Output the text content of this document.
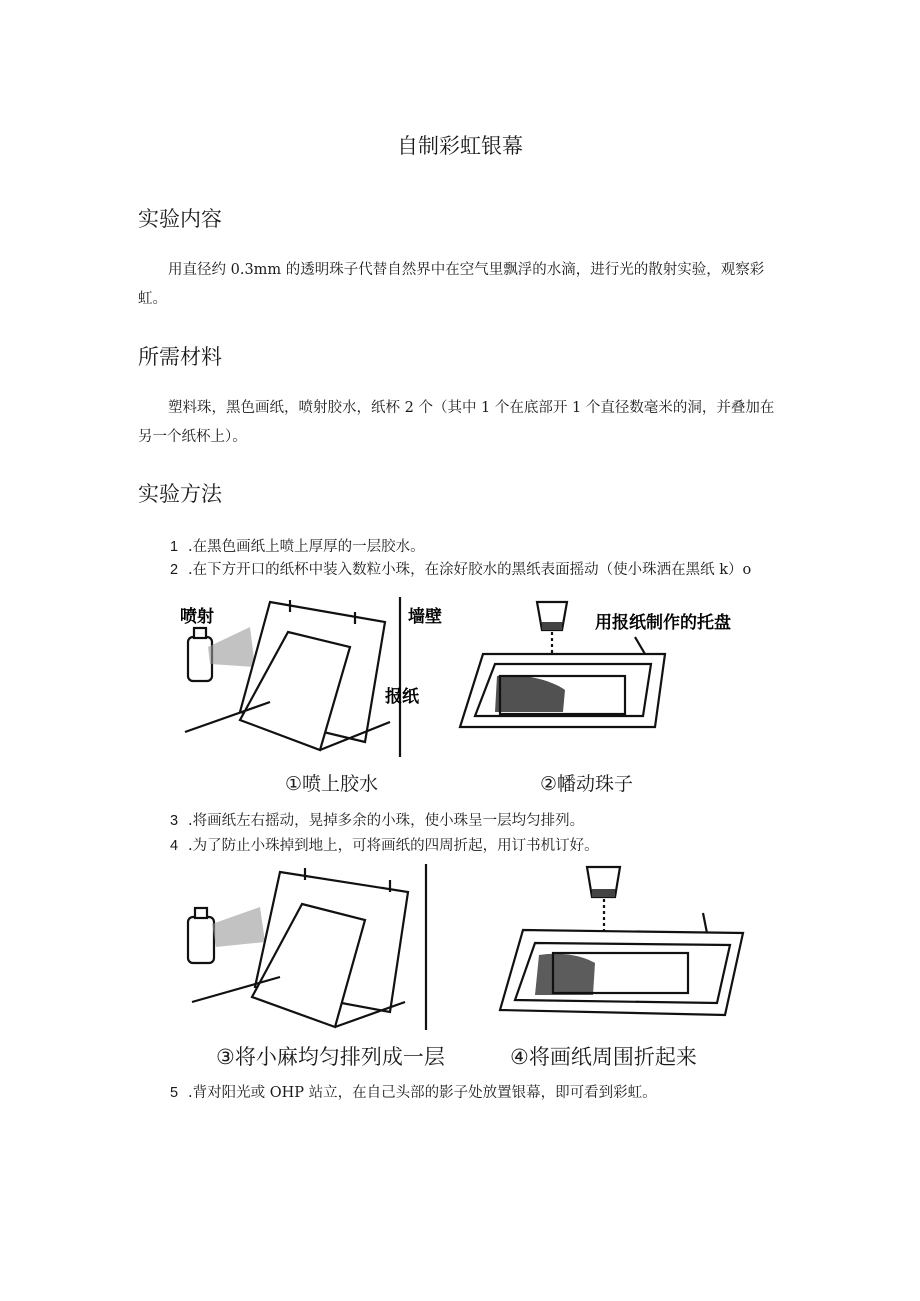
自制彩虹银幕
实验内容
用直径约 0.3mm 的透明珠子代替自然界中在空气里飘浮的水滴，进行光的散射实验，观察彩虹。
所需材料
塑料珠，黑色画纸，喷射胶水，纸杯 2 个（其中 1 个在底部开 1 个直径数毫米的洞，并叠加在另一个纸杯上）。
实验方法
1 .在黑色画纸上喷上厚厚的一层胶水。
2 .在下方开口的纸杯中装入数粒小珠，在涂好胶水的黑纸表面摇动（使小珠洒在黑纸 k）o
喷射	墙壁
报纸
用报纸制作的托盘
①喷上胶水	②幡动珠子
3 .将画纸左右摇动，晃掉多余的小珠，使小珠呈一层均匀排列。
4 .为了防止小珠掉到地上，可将画纸的四周折起，用订书机订好。
③将小麻均匀排列成一层	④将画纸周围折起来
5 .背对阳光或 OHP 站立，在自己头部的影子处放置银幕，即可看到彩虹。
